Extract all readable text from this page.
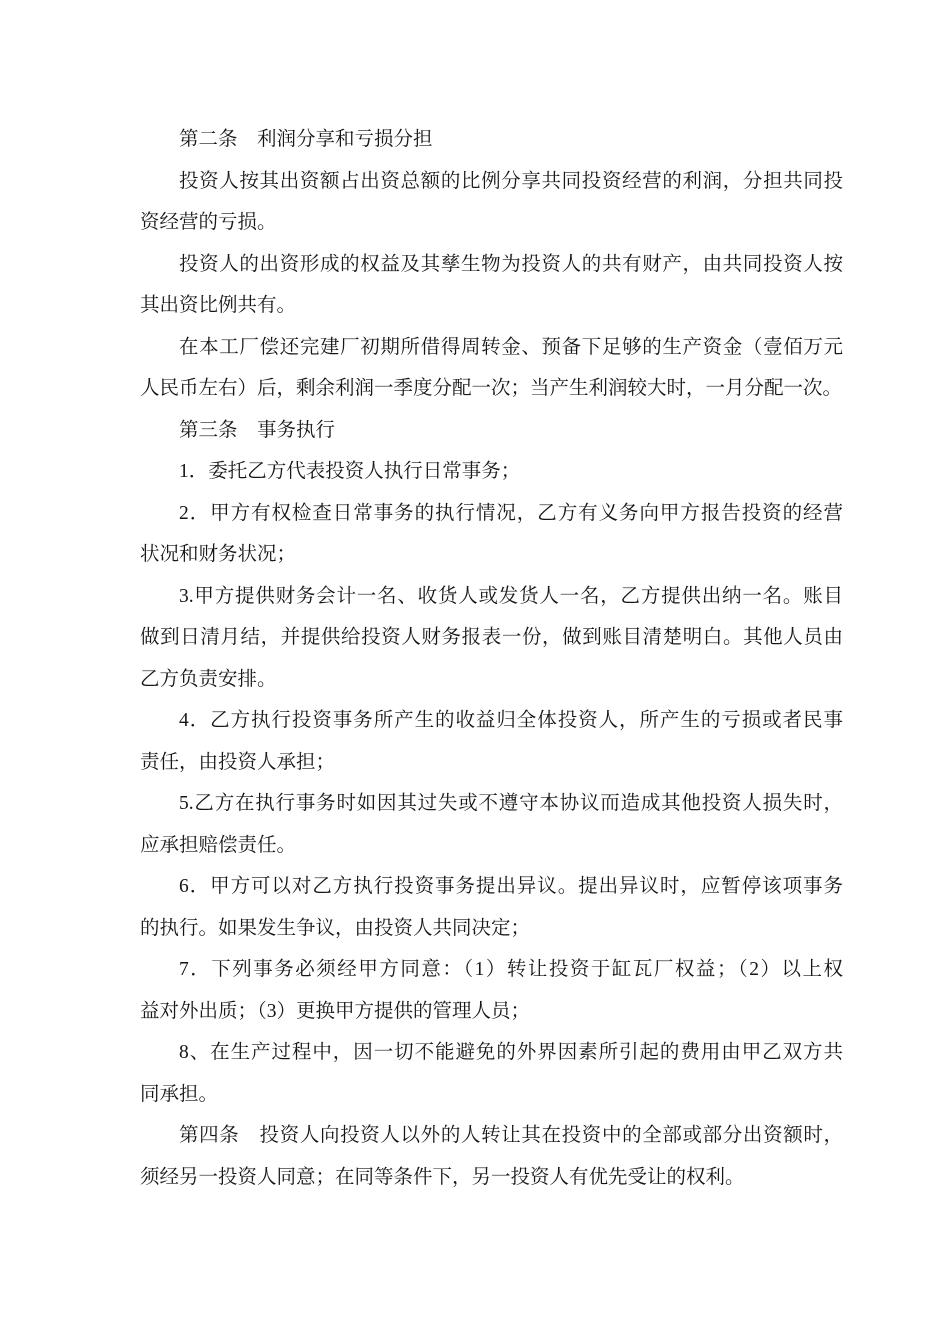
第二条　利润分享和亏损分担
投资人按其出资额占出资总额的比例分享共同投资经营的利润，分担共同投
资经营的亏损。
投资人的出资形成的权益及其孳生物为投资人的共有财产，由共同投资人按
其出资比例共有。
在本工厂偿还完建厂初期所借得周转金、预备下足够的生产资金（壹佰万元
人民币左右）后，剩余利润一季度分配一次；当产生利润较大时，一月分配一次。
第三条　事务执行
1．委托乙方代表投资人执行日常事务；
2．甲方有权检查日常事务的执行情况，乙方有义务向甲方报告投资的经营
状况和财务状况；
3.甲方提供财务会计一名、收货人或发货人一名，乙方提供出纳一名。账目
做到日清月结，并提供给投资人财务报表一份，做到账目清楚明白。其他人员由
乙方负责安排。
4．乙方执行投资事务所产生的收益归全体投资人，所产生的亏损或者民事
责任，由投资人承担；
5.乙方在执行事务时如因其过失或不遵守本协议而造成其他投资人损失时，
应承担赔偿责任。
6．甲方可以对乙方执行投资事务提出异议。提出异议时，应暂停该项事务
的执行。如果发生争议，由投资人共同决定；
7．下列事务必须经甲方同意：（1）转让投资于缸瓦厂权益；（2）以上权
益对外出质；（3）更换甲方提供的管理人员；
8、在生产过程中，因一切不能避免的外界因素所引起的费用由甲乙双方共
同承担。
第四条　投资人向投资人以外的人转让其在投资中的全部或部分出资额时，
须经另一投资人同意；在同等条件下，另一投资人有优先受让的权利。
